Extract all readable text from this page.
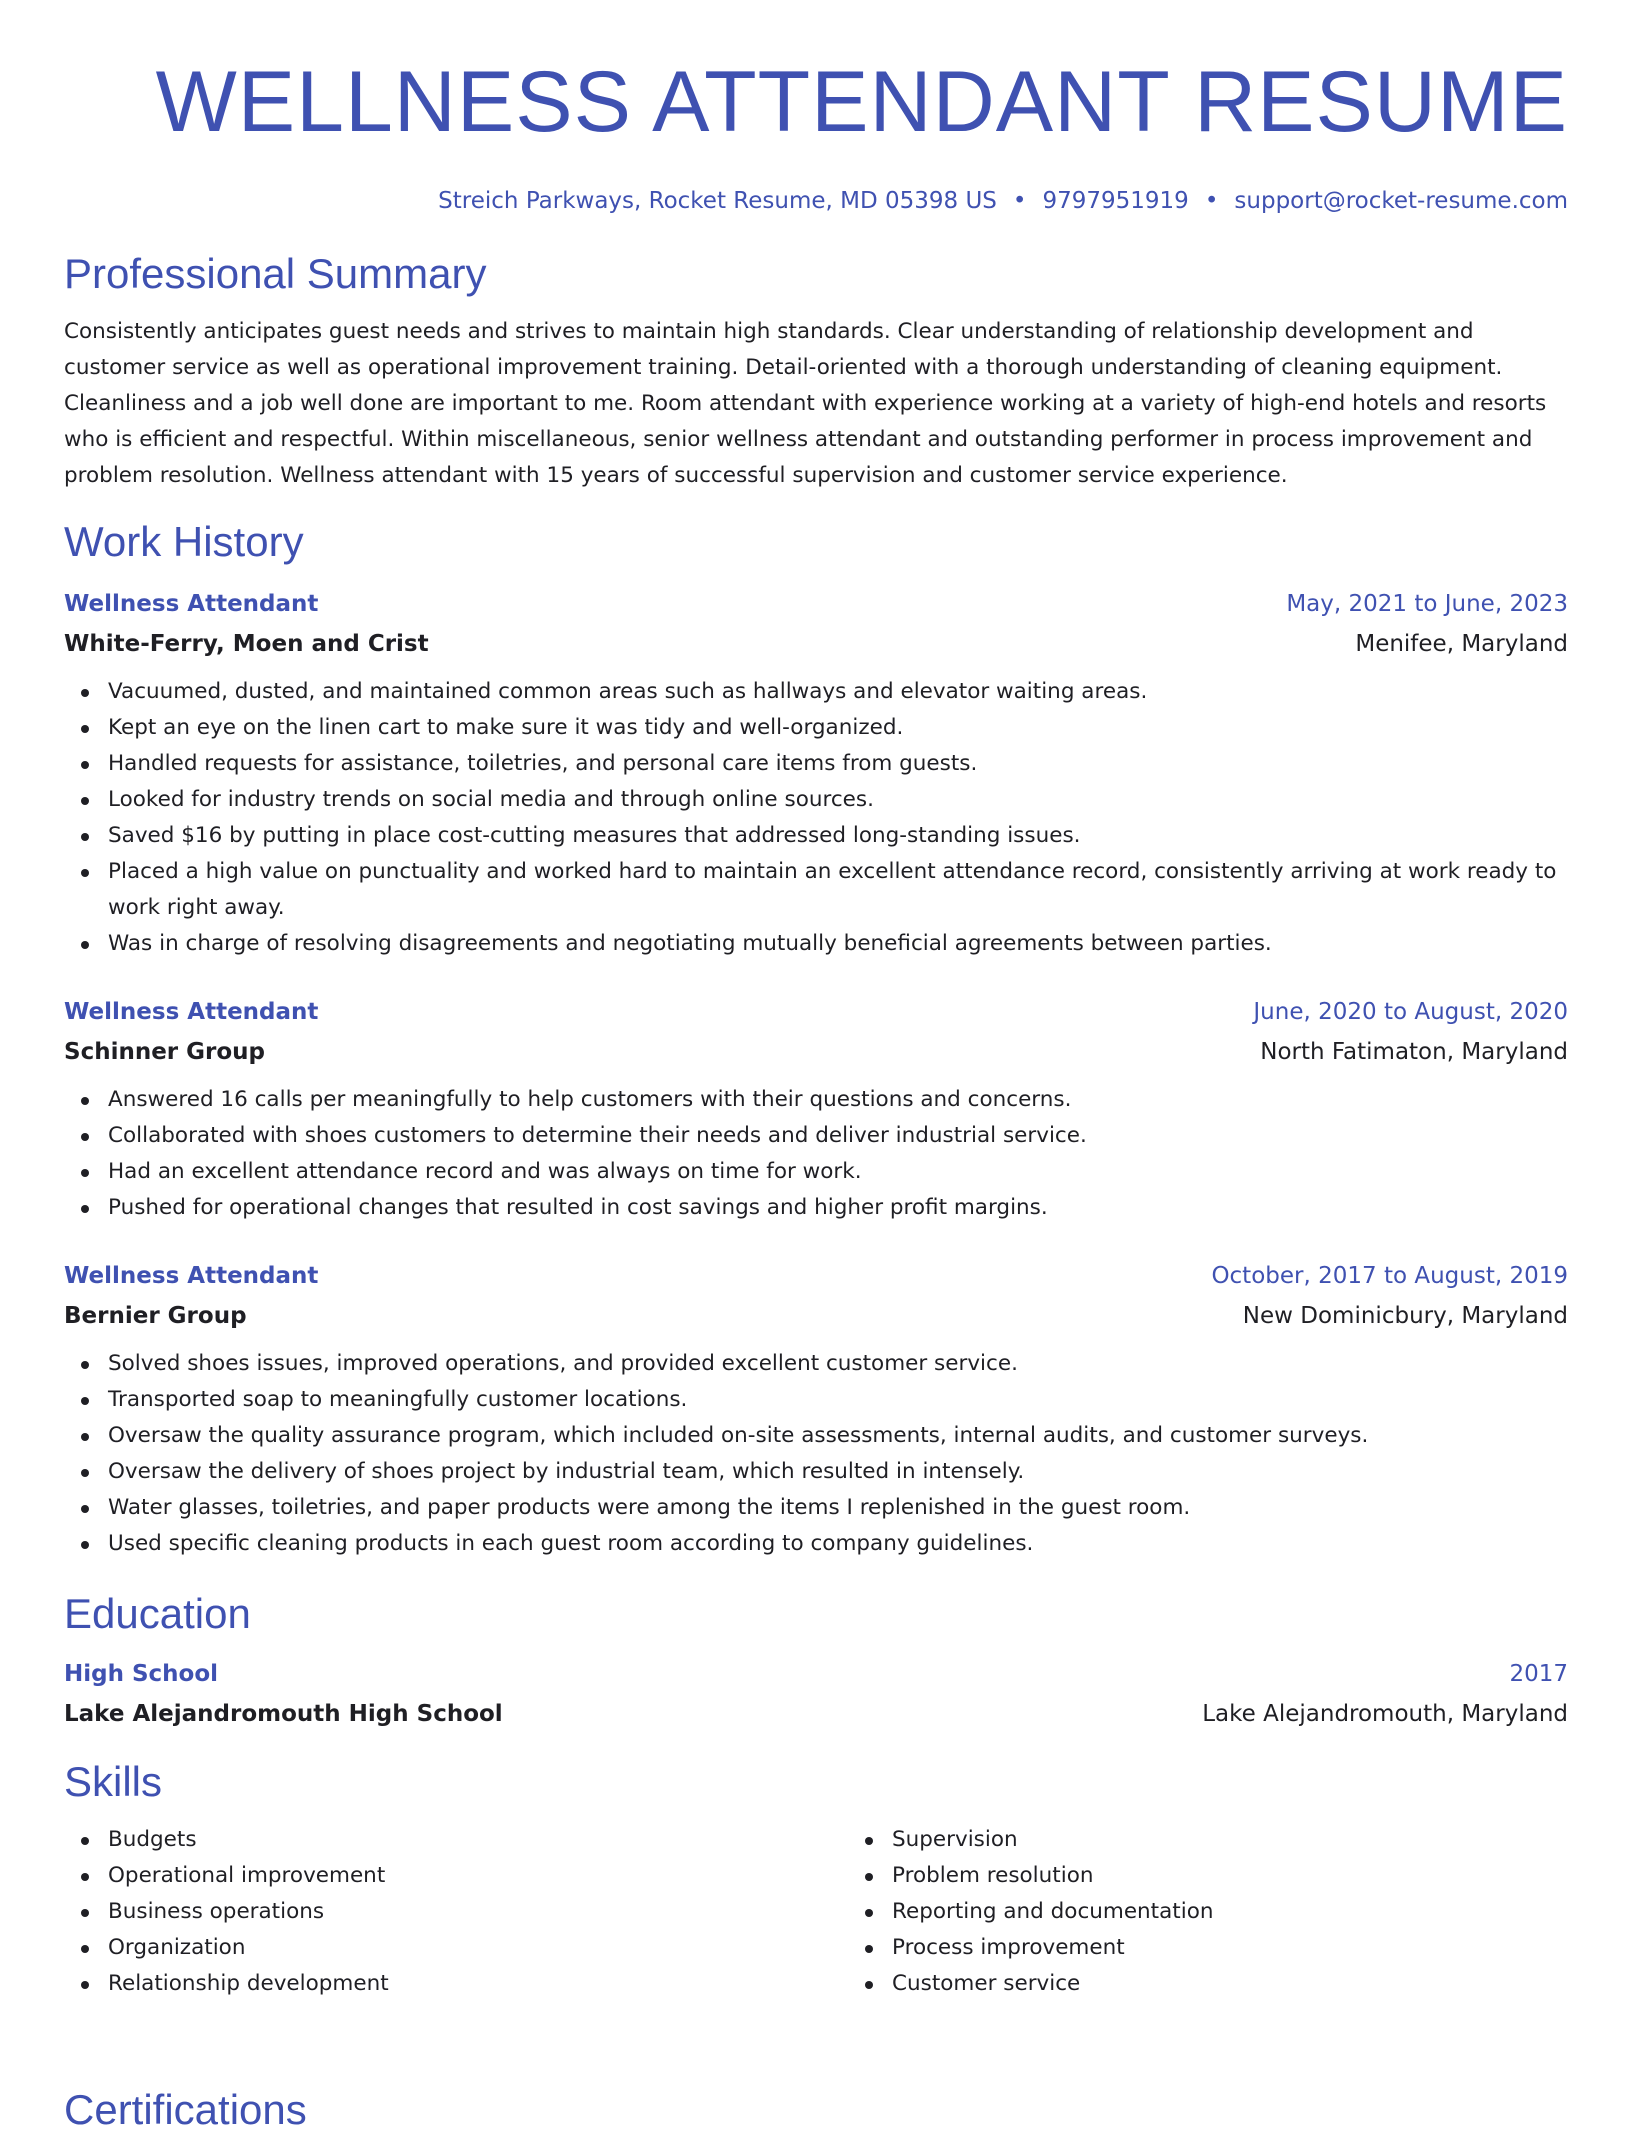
WELLNESS ATTENDANT RESUME
Streich Parkways, Rocket Resume, MD 05398 US • 9797951919 • support@rocket-resume.com
Professional Summary

Consistently anticipates guest needs and strives to maintain high standards. Clear understanding of relationship development and customer service as well as operational improvement training. Detail-oriented with a thorough understanding of cleaning equipment. Cleanliness and a job well done are important to me. Room attendant with experience working at a variety of high-end hotels and resorts who is efficient and respectful. Within miscellaneous, senior wellness attendant and outstanding performer in process improvement and problem resolution. Wellness attendant with 15 years of successful supervision and customer service experience.

Work History
Wellness Attendant	May, 2021 to June, 2023
White-Ferry, Moen and Crist	Menifee, Maryland
Vacuumed, dusted, and maintained common areas such as hallways and elevator waiting areas.
Kept an eye on the linen cart to make sure it was tidy and well-organized.
Handled requests for assistance, toiletries, and personal care items from guests.
Looked for industry trends on social media and through online sources.
Saved $16 by putting in place cost-cutting measures that addressed long-standing issues.
Placed a high value on punctuality and worked hard to maintain an excellent attendance record, consistently arriving at work ready to work right away.
Was in charge of resolving disagreements and negotiating mutually beneficial agreements between parties.
Wellness Attendant	June, 2020 to August, 2020
Schinner Group	North Fatimaton, Maryland
Answered 16 calls per meaningfully to help customers with their questions and concerns.
Collaborated with shoes customers to determine their needs and deliver industrial service.
Had an excellent attendance record and was always on time for work.
Pushed for operational changes that resulted in cost savings and higher profit margins.
Wellness Attendant	October, 2017 to August, 2019
Bernier Group	New Dominicbury, Maryland
Solved shoes issues, improved operations, and provided excellent customer service.
Transported soap to meaningfully customer locations.
Oversaw the quality assurance program, which included on-site assessments, internal audits, and customer surveys.
Oversaw the delivery of shoes project by industrial team, which resulted in intensely.
Water glasses, toiletries, and paper products were among the items I replenished in the guest room.
Used specific cleaning products in each guest room according to company guidelines.
Education
High School	2017
Lake Alejandromouth High School	Lake Alejandromouth, Maryland
Skills
Budgets
Operational improvement
Business operations
Organization
Relationship development
Supervision
Problem resolution
Reporting and documentation
Process improvement
Customer service
Certifications
